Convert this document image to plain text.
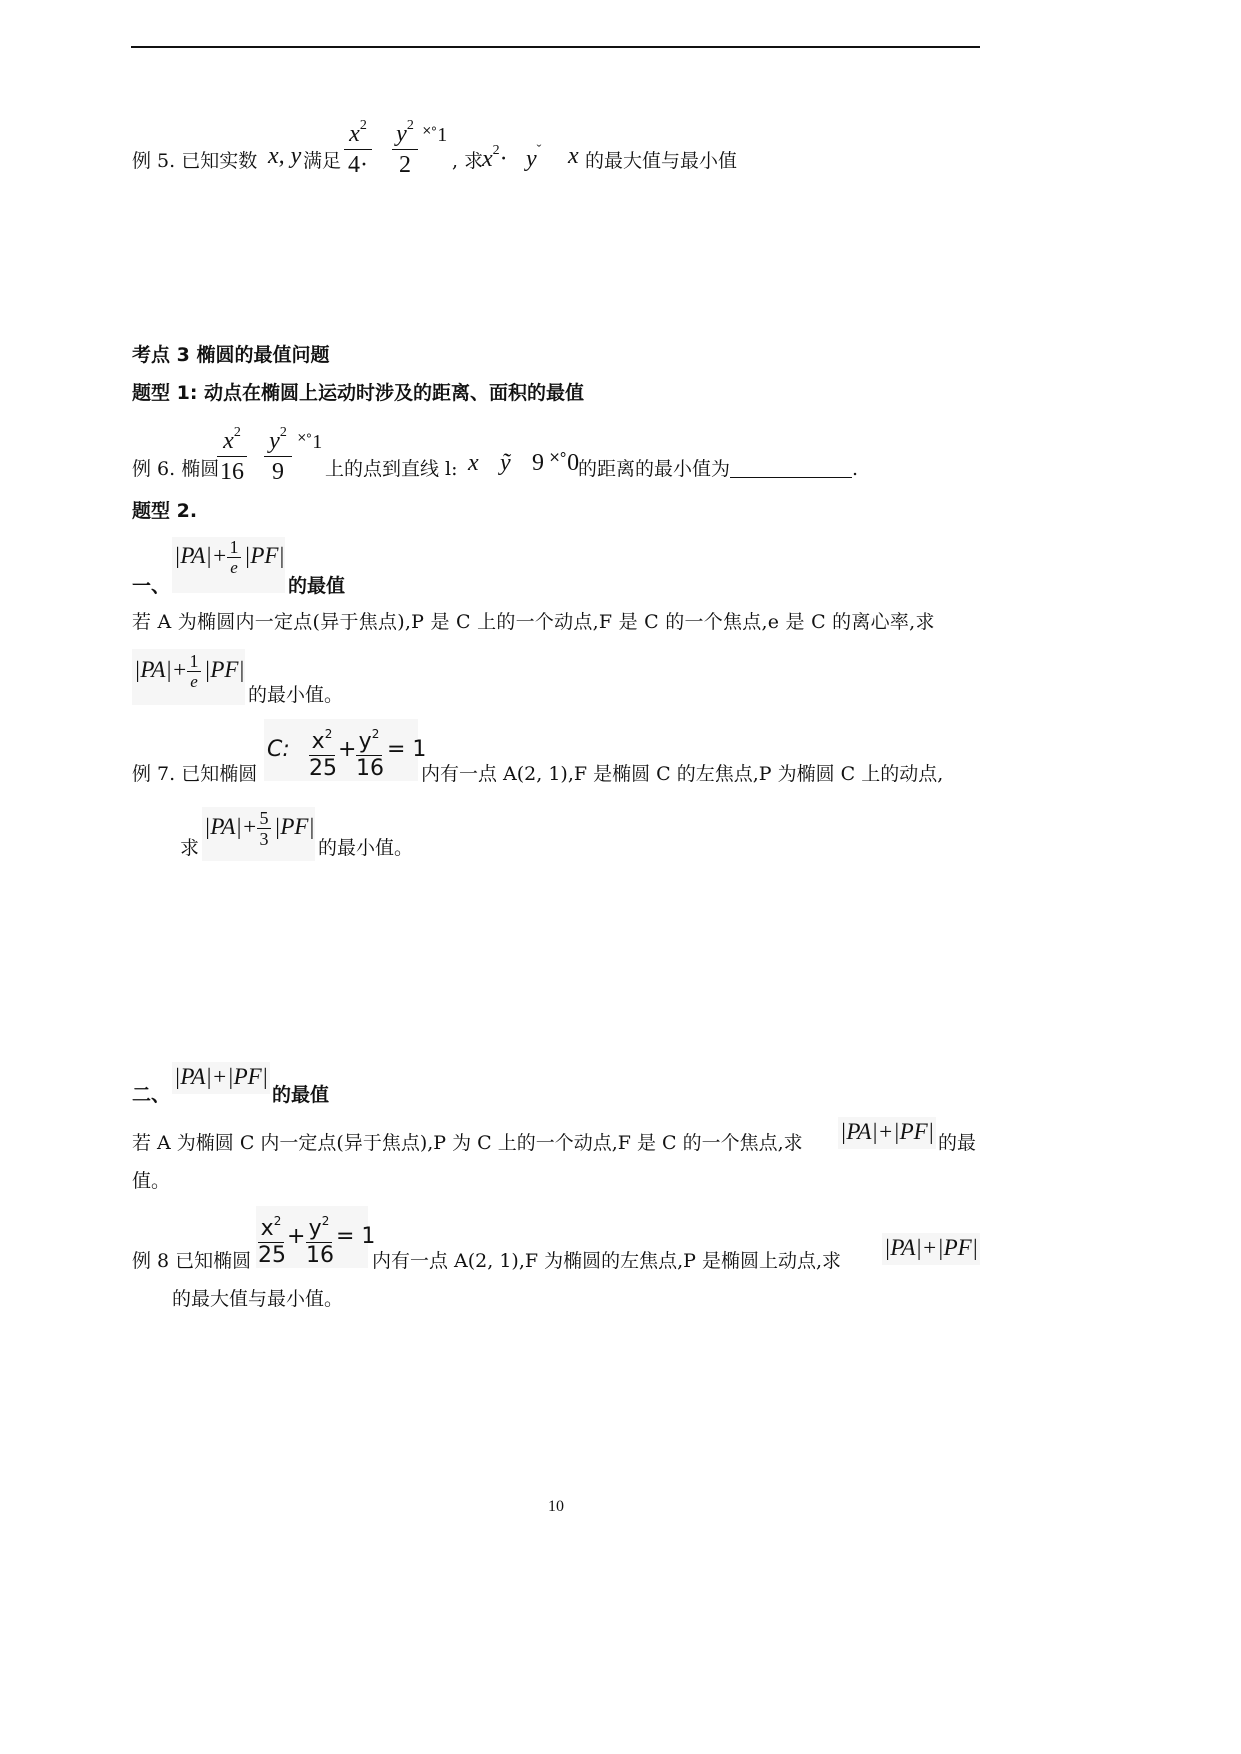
例 5. 已知实数 x, y 满足
$x^2$
4·
$y^2$
2
˟˚1
, 求
$x^2\cdot y^ˇ$ x 的最大值与最小值
考点 3 椭圆的最值问题
题型 1: 动点在椭圆上运动时涉及的距离、面积的最值
例 6. 椭圆
$x^2$
16
$y^2$
9
˟˚1
上的点到直线 l: x ỹ 9 ˟˚0
的距离的最小值为	.
题型 2.
一、
|PA|+ 1
e |PF|
的最值
若 A 为椭圆内一定点(异于焦点),P 是 C 上的一个动点,F 是 C 的一个焦点,e 是 C 的离心率,求
|PA|+ 1
e |PF|
的最小值。
例 7. 已知椭圆
C: $x^2$
25
+ $y^2$
16
= 1
内有一点 A(2, 1),F 是椭圆 C 的左焦点,P 为椭圆 C 上的动点,
求
|PA|+ 5
3 |PF|
的最小值。
二、
|PA|+|PF|
的最值
若 A 为椭圆 C 内一定点(异于焦点),P 为 C 上的一个动点,F 是 C 的一个焦点,求 |PA|+|PF| 的最
值。
例 8 已知椭圆
$x^2$
25
+ $y^2$
16
= 1
内有一点 A(2, 1),F 为椭圆的左焦点,P 是椭圆上动点,求
|PA|+|PF|
的最大值与最小值。
10
